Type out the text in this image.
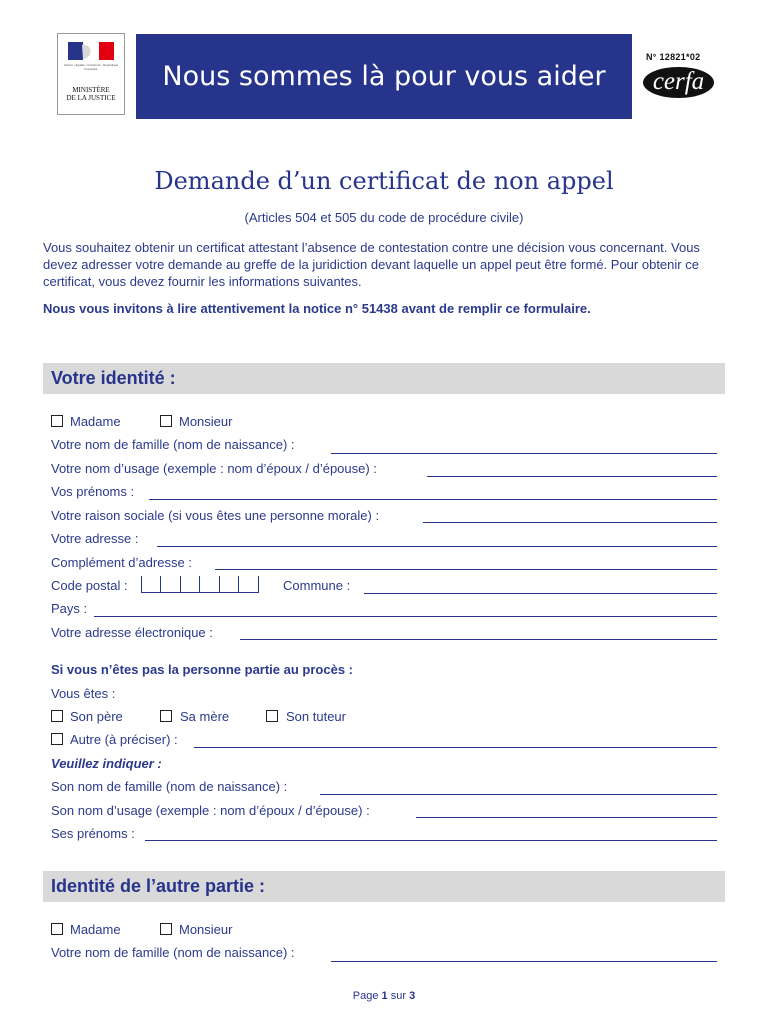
Liberté • Égalité • Fraternité · République Française
MINISTÈRE
DE LA JUSTICE
Nous sommes là pour vous aider
N° 12821*02
cerfa
Demande d’un certificat de non appel
(Articles 504 et 505 du code de procédure civile)

Vous souhaitez obtenir un certificat attestant l’absence de contestation contre une décision vous concernant. Vous devez adresser votre demande au greffe de la juridiction devant laquelle un appel peut être formé. Pour obtenir ce certificat, vous devez fournir les informations suivantes.

Nous vous invitons à lire attentivement la notice n° 51438 avant de remplir ce formulaire.
Votre identité :
Madame	Monsieur
Votre nom de famille (nom de naissance) :
Votre nom d’usage (exemple : nom d’époux / d’épouse) :
Vos prénoms :
Votre raison sociale (si vous êtes une personne morale) :
Votre adresse :
Complément d’adresse :
Code postal :	Commune :
Pays :
Votre adresse électronique :
Si vous n’êtes pas la personne partie au procès :
Vous êtes :
Son père	Sa mère	Son tuteur
Autre (à préciser) :
Veuillez indiquer :
Son nom de famille (nom de naissance) :
Son nom d’usage (exemple : nom d’époux / d’épouse) :
Ses prénoms :
Identité de l’autre partie :
Madame	Monsieur
Votre nom de famille (nom de naissance) :
Page 1 sur 3
